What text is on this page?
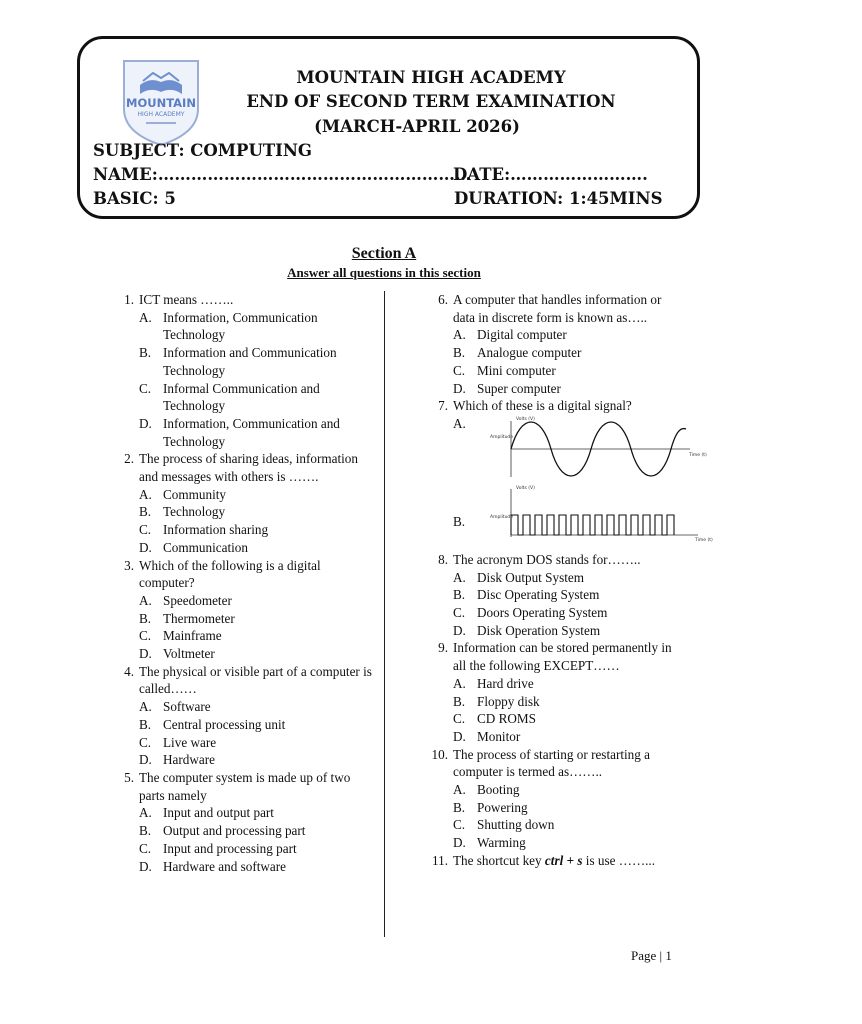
MOUNTAIN
HIGH ACADEMY
MOUNTAIN HIGH ACADEMY
END OF SECOND TERM EXAMINATION
(MARCH-APRIL 2026)
SUBJECT: COMPUTING
NAME:…………………………………………………
DATE:…………………….
BASIC: 5	DURATION: 1:45MINS
Section A
Answer all questions in this section
1. ICT means ……..
A. Information, Communication Technology
B. Information and Communication Technology
C. Informal Communication and Technology
D. Information, Communication and Technology
2. The process of sharing ideas, information and messages with others is …….
A. Community
B. Technology
C. Information sharing
D. Communication
3. Which of the following is a digital computer?
A. Speedometer
B. Thermometer
C. Mainframe
D. Voltmeter
4. The physical or visible part of a computer is called……
A. Software
B. Central processing unit
C. Live ware
D. Hardware
5. The computer system is made up of two parts namely
A. Input and output part
B. Output and processing part
C. Input and processing part
D. Hardware and software
6. A computer that handles information or data in discrete form is known as…..
A. Digital computer
B. Analogue computer
C. Mini computer
D. Super computer
7. Which of these is a digital signal?
A.
B.
Volts (V)
Amplitude
Time (t)
Volts (V)
Amplitude
Time (t)
8. The acronym DOS stands for……..
A. Disk Output System
B. Disc Operating System
C. Doors Operating System
D. Disk Operation System
9. Information can be stored permanently in all the following EXCEPT……
A. Hard drive
B. Floppy disk
C. CD ROMS
D. Monitor
10. The process of starting or restarting a computer is termed as……..
A. Booting
B. Powering
C. Shutting down
D. Warming
11. The shortcut key ctrl + s is use ……...
Page | 1
